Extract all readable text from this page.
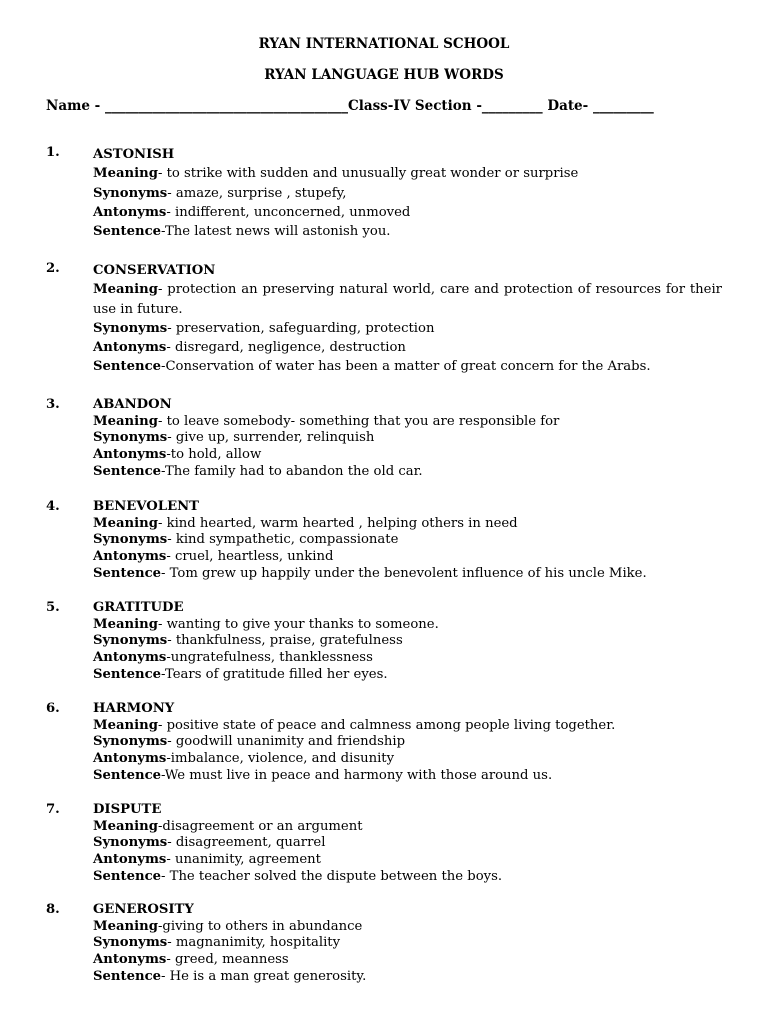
RYAN INTERNATIONAL SCHOOL
RYAN LANGUAGE HUB WORDS
Name - ____________________________________Class-IV Section -_________ Date- _________
1.	ASTONISH
Meaning- to strike with sudden and unusually great wonder or surprise
Synonyms- amaze, surprise , stupefy,
Antonyms- indifferent, unconcerned, unmoved
Sentence-The latest news will astonish you.
2.	CONSERVATION
Meaning- protection an preserving natural world, care and protection of resources for their use in future.
Synonyms- preservation, safeguarding, protection
Antonyms- disregard, negligence, destruction
Sentence-Conservation of water has been a matter of great concern for the Arabs.
3.	ABANDON
Meaning- to leave somebody- something that you are responsible for
Synonyms- give up, surrender, relinquish
Antonyms-to hold, allow
Sentence-The family had to abandon the old car.
4.	BENEVOLENT
Meaning- kind hearted, warm hearted , helping others in need
Synonyms- kind sympathetic, compassionate
Antonyms- cruel, heartless, unkind
Sentence- Tom grew up happily under the benevolent influence of his uncle Mike.
5.	GRATITUDE
Meaning- wanting to give your thanks to someone.
Synonyms- thankfulness, praise, gratefulness
Antonyms-ungratefulness, thanklessness
Sentence-Tears of gratitude filled her eyes.
6.	HARMONY
Meaning- positive state of peace and calmness among people living together.
Synonyms- goodwill unanimity and friendship
Antonyms-imbalance, violence, and disunity
Sentence-We must live in peace and harmony with those around us.
7.	DISPUTE
Meaning-disagreement or an argument
Synonyms- disagreement, quarrel
Antonyms- unanimity, agreement
Sentence- The teacher solved the dispute between the boys.
8.	GENEROSITY
Meaning-giving to others in abundance
Synonyms- magnanimity, hospitality
Antonyms- greed, meanness
Sentence- He is a man great generosity.
